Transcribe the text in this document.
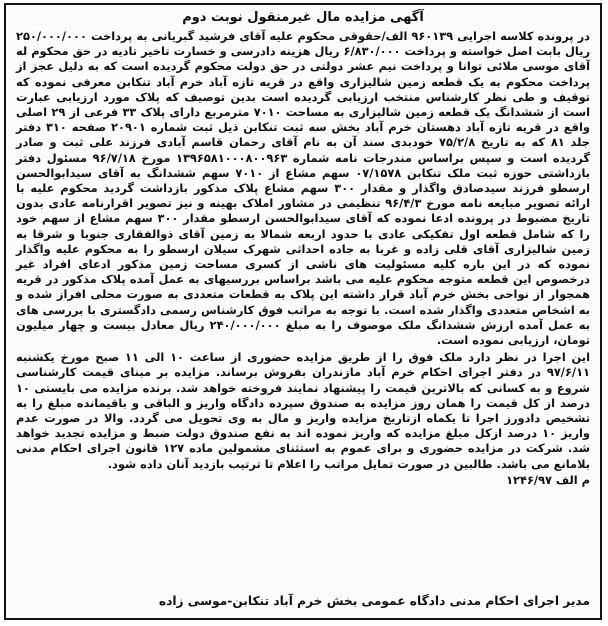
آگهی مزایده مال غیرمنقول نوبت دوم

در پرونده کلاسه اجرایی ۹۶۰۱۳۹ الف/حقوقی محکوم علیه آقای فرشید گبریانی به پرداخت ۲۵۰/۰۰۰/۰۰۰ ریال بابت اصل خواسته و پرداخت ۶/۸۳۰/۰۰۰ ریال هزینه دادرسی و خسارت تاخیر تادیه در حق محکوم له آقای موسی ملائی توانا و پرداخت نیم عشر دولتی در حق دولت محکوم گردیده است که به دلیل عجز از پرداخت محکوم به یک قطعه زمین شالیزاری واقع در قریه تازه آباد خرم آباد تنکابن معرفی نموده که توقیف و طی نظر کارشناس منتخب ارزیابی گردیده است بدین توصیف که پلاک مورد ارزیابی عبارت است از ششدانگ یک قطعه زمین شالیزاری به مساحت ۷۰۱۰ مترمربع دارای پلاک ۳۳ فرعی از ۲۹ اصلی واقع در قریه تازه آباد دهستان خرم آباد بخش سه ثبت تنکابن ذیل ثبت شماره ۲۰۹۰۱ صفحه ۳۱۰ دفتر جلد ۸۱ که به تاریخ ۷۵/۲/۸ خودبدی سند آن به نام آقای رحمان قاسم آبادی فرزند علی ثبت و صادر گردیده است و سپس براساس مندرجات نامه شماره ۱۳۹۶۵۸۱۰۰۰۸۰۰۹۶۳ مورخ ۹۶/۷/۱۸ مسئول دفتر بازداشتی حوزه ثبت ملک تنکابن ۰۷/۱۵۷۸ سهم مشاع از ۷۰۱۰ سهم ششدانگ به آقای سیدابوالحسن ارسطو فرزند سیدصادق واگذار و مقدار ۳۰۰ سهم مشاع پلاک مذکور بازداشت گردید محکوم علیه با ارائه تصویر مبایعه نامه مورخ ۹۶/۴/۳ تنظیمی در مشاور املاک بهینه و نیز تصویر اقرارنامه عادی بدون تاریخ مضبوط در پرونده ادعا نموده که آقای سیدابوالحسن ارسطو مقدار ۳۰۰ سهم مشاع از سهم خود را که شامل قطعه اول تفکیکی عادی با حدود اربعه شمالا به زمین آقای ذوالفقاری جنوبا و شرقا به زمین شالیزاری آقای قلی زاده و غربا به جاده احداثی شهرک سیلان ارسطو را به محکوم علیه واگذار نموده که در این باره کلیه مسئولیت های ناشی از کسری مساحت زمین مذکور ادعای افراد غیر درخصوص این قطعه متوجه محکوم علیه می باشد براساس بررسیهای به عمل آمده پلاک مذکور در قریه همجوار از نواحی بخش خرم آباد قرار داشته این پلاک به قطعات متعددی به صورت محلی افراز شده و به اشخاص متعددی واگذار شده است. با توجه به مراتب فوق کارشناس رسمی دادگستری با بررسی های به عمل آمده ارزش ششدانگ ملک موصوف را به مبلغ ۲۴۰/۰۰۰/۰۰۰ ریال معادل بیست و چهار میلیون تومان، ارزیابی نموده است.

این اجرا در نظر دارد ملک فوق را از طریق مزایده حضوری از ساعت ۱۰ الی ۱۱ صبح مورخ یکشنبه ۹۷/۶/۱۱ در دفتر اجرای احکام خرم آباد مازندران بفروش برساند. مزایده بر مبنای قیمت کارشناسی شروع و به کسانی که بالاترین قیمت را پیشنهاد نمایند فروخته خواهد شد. برنده مزایده می بایستی ۱۰ درصد از کل قیمت را همان روز مزایده به صندوق سپرده دادگاه واریز و الباقی و باقیمانده مبلغ را به تشخیص دادورز اجرا تا یکماه ازتاریخ مزایده واریز و مال به وی تحویل می گردد. والا در صورت عدم واریز ۱۰ درصد ازکل مبلغ مزایده که واریز نموده اند به نفع صندوق دولت ضبط و مزایده تجدید خواهد شد. شرکت در مزایده حضوری و برای عموم به استثنای مشمولین ماده ۱۲۷ قانون اجرای احکام مدنی بلامانع می باشد. طالبین در صورت تمایل مراتب را اعلام تا ترتیب بازدید آنان داده شود.

م الف ۱۲۴۶/۹۷
مدیر اجرای احکام مدنی دادگاه عمومی بخش خرم آباد تنکابن-موسی زاده
